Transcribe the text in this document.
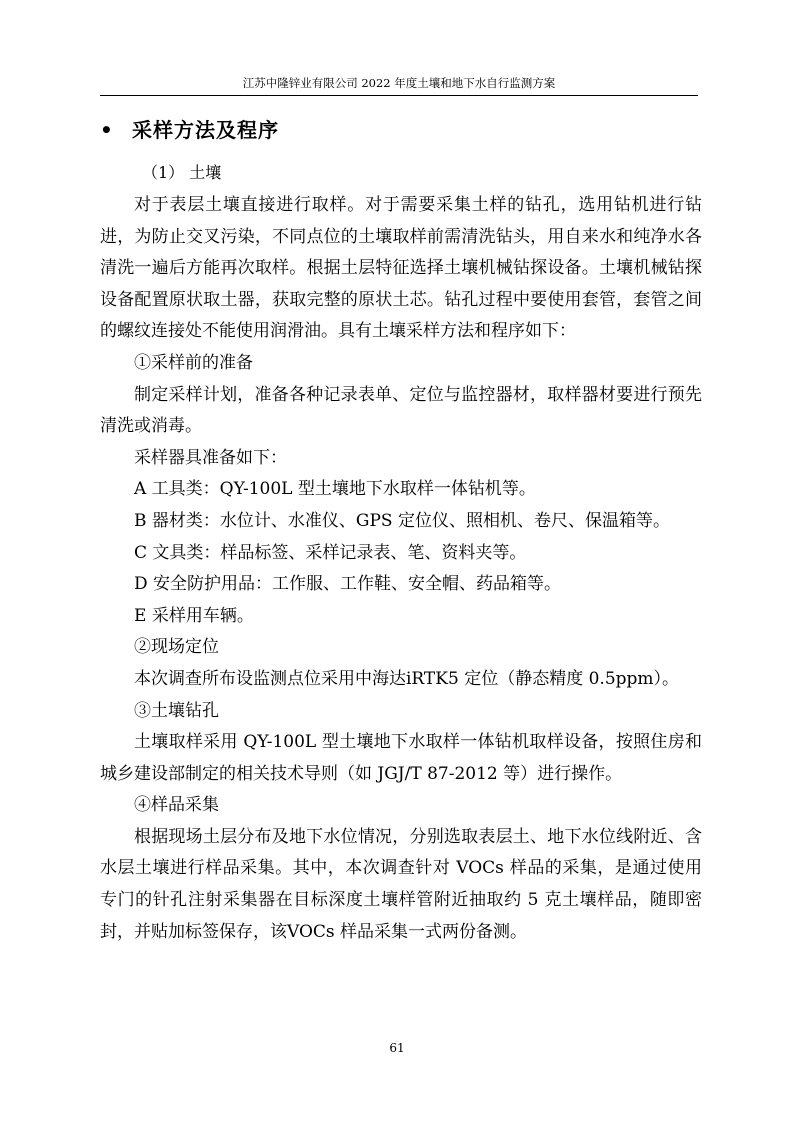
江苏中隆锌业有限公司 2022 年度土壤和地下水自行监测方案
• 采样方法及程序
（1） 土壤

对于表层土壤直接进行取样。对于需要采集土样的钻孔，选用钻机进行钻进，为防止交叉污染，不同点位的土壤取样前需清洗钻头，用自来水和纯净水各清洗一遍后方能再次取样。根据土层特征选择土壤机械钻探设备。土壤机械钻探设备配置原状取土器，获取完整的原状土芯。钻孔过程中要使用套管，套管之间的螺纹连接处不能使用润滑油。具有土壤采样方法和程序如下：

①采样前的准备

制定采样计划，准备各种记录表单、定位与监控器材，取样器材要进行预先清洗或消毒。

采样器具准备如下：

A 工具类：QY-100L 型土壤地下水取样一体钻机等。

B 器材类：水位计、水准仪、GPS 定位仪、照相机、卷尺、保温箱等。

C 文具类：样品标签、采样记录表、笔、资料夹等。

D 安全防护用品：工作服、工作鞋、安全帽、药品箱等。

E 采样用车辆。

②现场定位

本次调查所布设监测点位采用中海达iRTK5 定位（静态精度 0.5ppm）。

③土壤钻孔

土壤取样采用 QY-100L 型土壤地下水取样一体钻机取样设备，按照住房和城乡建设部制定的相关技术导则（如 JGJ/T 87-2012 等）进行操作。

④样品采集

根据现场土层分布及地下水位情况，分别选取表层土、地下水位线附近、含水层土壤进行样品采集。其中，本次调查针对 VOCs 样品的采集，是通过使用专门的针孔注射采集器在目标深度土壤样管附近抽取约 5 克土壤样品，随即密封，并贴加标签保存，该VOCs 样品采集一式两份备测。

61
